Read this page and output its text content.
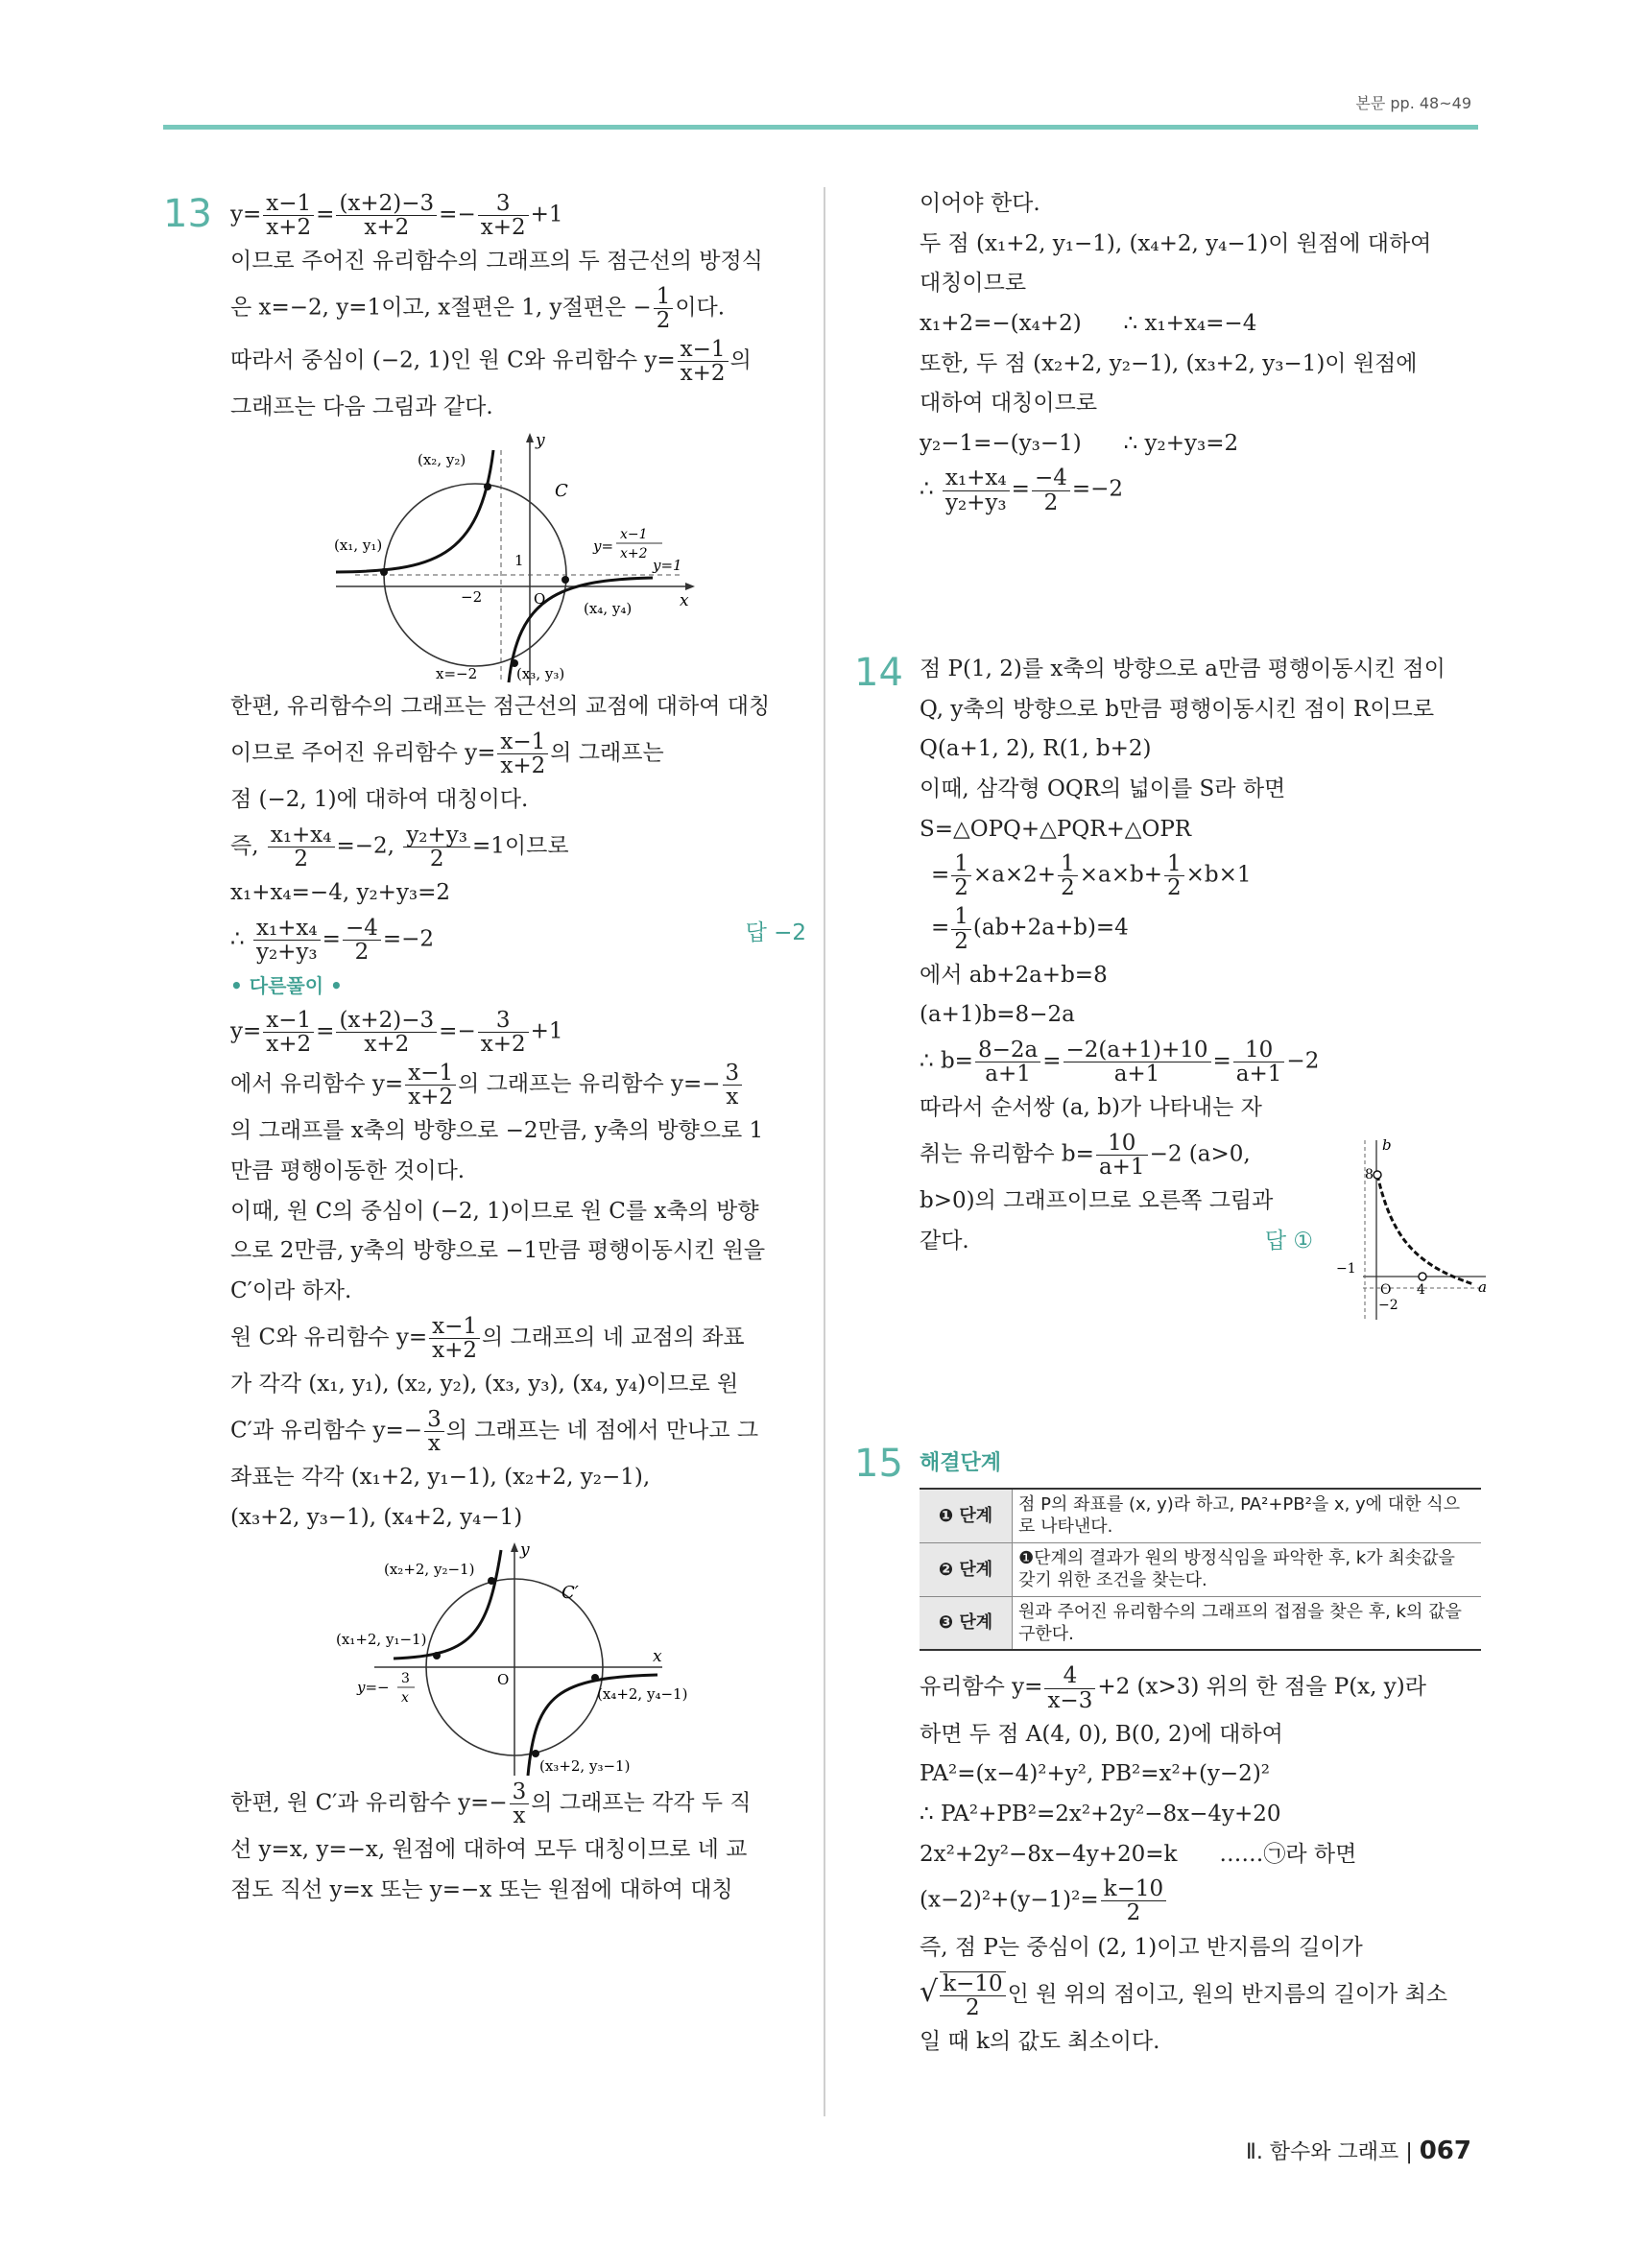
본문 pp. 48~49
13 $y= \frac{x-1}{x+2} = \frac{(x+2)-3}{x+2} =- \frac{3}{x+2} +1$

이므로 주어진 유리함수의 그래프의 두 점근선의 방정식

은 x=−2, y=1이고, x절편은 1, y절편은 − $\frac{1}{2}$ 이다.

따라서 중심이 (−2, 1)인 원 C와 유리함수 $y= \frac{x-1}{x+2}$ 의

그래프는 다음 그림과 같다.

y
x
C
(x₂, y₂)
(x₁, y₁)
(x₄, y₄)
(x₃, y₃)
x=−2
1
−2	O
y=
x−1
x+2
y=1

한편, 유리함수의 그래프는 점근선의 교점에 대하여 대칭

이므로 주어진 유리함수 $y= \frac{x-1}{x+2}$ 의 그래프는

점 (−2, 1)에 대하여 대칭이다.

즉, $\frac{\text{x₁+x₄}}{2} =-2$, $\frac{\text{y₂+y₃}}{2} =1$이므로

x₁+x₄=−4, y₂+y₃=2

∴ $\frac{\text{x₁+x₄}}{\text{y₂+y₃}} = \frac{-4}{2} =-2$	답 −2

• 다른풀이 •

$y= \frac{x-1}{x+2} = \frac{(x+2)-3}{x+2} =- \frac{3}{x+2} +1$

에서 유리함수 $y= \frac{x-1}{x+2}$ 의 그래프는 유리함수 $y=- \frac{3}{x}$

의 그래프를 x축의 방향으로 −2만큼, y축의 방향으로 1

만큼 평행이동한 것이다.

이때, 원 C의 중심이 (−2, 1)이므로 원 C를 x축의 방향

으로 2만큼, y축의 방향으로 −1만큼 평행이동시킨 원을

C′이라 하자.

원 C와 유리함수 $y= \frac{x-1}{x+2}$ 의 그래프의 네 교점의 좌표

가 각각 (x₁, y₁), (x₂, y₂), (x₃, y₃), (x₄, y₄)이므로 원

C′과 유리함수 $y=- \frac{3}{x}$ 의 그래프는 네 점에서 만나고 그

좌표는 각각 (x₁+2, y₁−1), (x₂+2, y₂−1),

(x₃+2, y₃−1), (x₄+2, y₄−1)

y
x
C′
(x₂+2, y₂−1)
(x₁+2, y₁−1)
(x₄+2, y₄−1)
(x₃+2, y₃−1)
O
y=− 3
x

한편, 원 C′과 유리함수 $y=- \frac{3}{x}$ 의 그래프는 각각 두 직

선 y=x, y=−x, 원점에 대하여 모두 대칭이므로 네 교

점도 직선 y=x 또는 y=−x 또는 원점에 대하여 대칭

이어야 한다.

두 점 (x₁+2, y₁−1), (x₄+2, y₄−1)이 원점에 대하여

대칭이므로

x₁+2=−(x₄+2)      ∴ x₁+x₄=−4

또한, 두 점 (x₂+2, y₂−1), (x₃+2, y₃−1)이 원점에

대하여 대칭이므로

y₂−1=−(y₃−1)      ∴ y₂+y₃=2

∴ $\frac{\text{x₁+x₄}}{\text{y₂+y₃}} = \frac{-4}{2} =-2$

14 점 P(1, 2)를 x축의 방향으로 a만큼 평행이동시킨 점이

Q, y축의 방향으로 b만큼 평행이동시킨 점이 R이므로

Q(a+1, 2), R(1, b+2)

이때, 삼각형 OQR의 넓이를 S라 하면

S=△OPQ+△PQR+△OPR

= $\frac{1}{2} \times a\times 2+ \frac{1}{2} \times a\times b+ \frac{1}{2} \times b\times 1$

= $\frac{1}{2} (ab+2a+b)=4$

에서 ab+2a+b=8

(a+1)b=8−2a

∴ $b= \frac{8-2a}{a+1} = \frac{-2(a+1)+10}{a+1} = \frac{10}{a+1} -2$

따라서 순서쌍 (a, b)가 나타내는 자

취는 유리함수 $b= \frac{10}{a+1} -2$ (a>0,

b>0)의 그래프이므로 오른쪽 그림과

같다.	답 ①

b
a
8
−1
O 4
−2
15 해결단계
❶ 단계	점 P의 좌표를 (x, y)라 하고, PA²+PB²을 x, y에 대한 식으로 나타낸다.
❷ 단계	❶단계의 결과가 원의 방정식임을 파악한 후, k가 최솟값을 갖기 위한 조건을 찾는다.
❸ 단계	원과 주어진 유리함수의 그래프의 접점을 찾은 후, k의 값을 구한다.

유리함수 $y= \frac{4}{x-3} +2$ (x>3) 위의 한 점을 P(x, y)라

하면 두 점 A(4, 0), B(0, 2)에 대하여

PA²=(x−4)²+y², PB²=x²+(y−2)²

∴ PA²+PB²=2x²+2y²−8x−4y+20

2x²+2y²−8x−4y+20=k      ……㉠라 하면

$(x-2)^2+(y-1)^2= \frac{k-10}{2}$

즉, 점 P는 중심이 (2, 1)이고 반지름의 길이가

√ $\frac{k-10}{2}$ 인 원 위의 점이고, 원의 반지름의 길이가 최소

일 때 k의 값도 최소이다.

Ⅱ. 함수와 그래프 | 067
